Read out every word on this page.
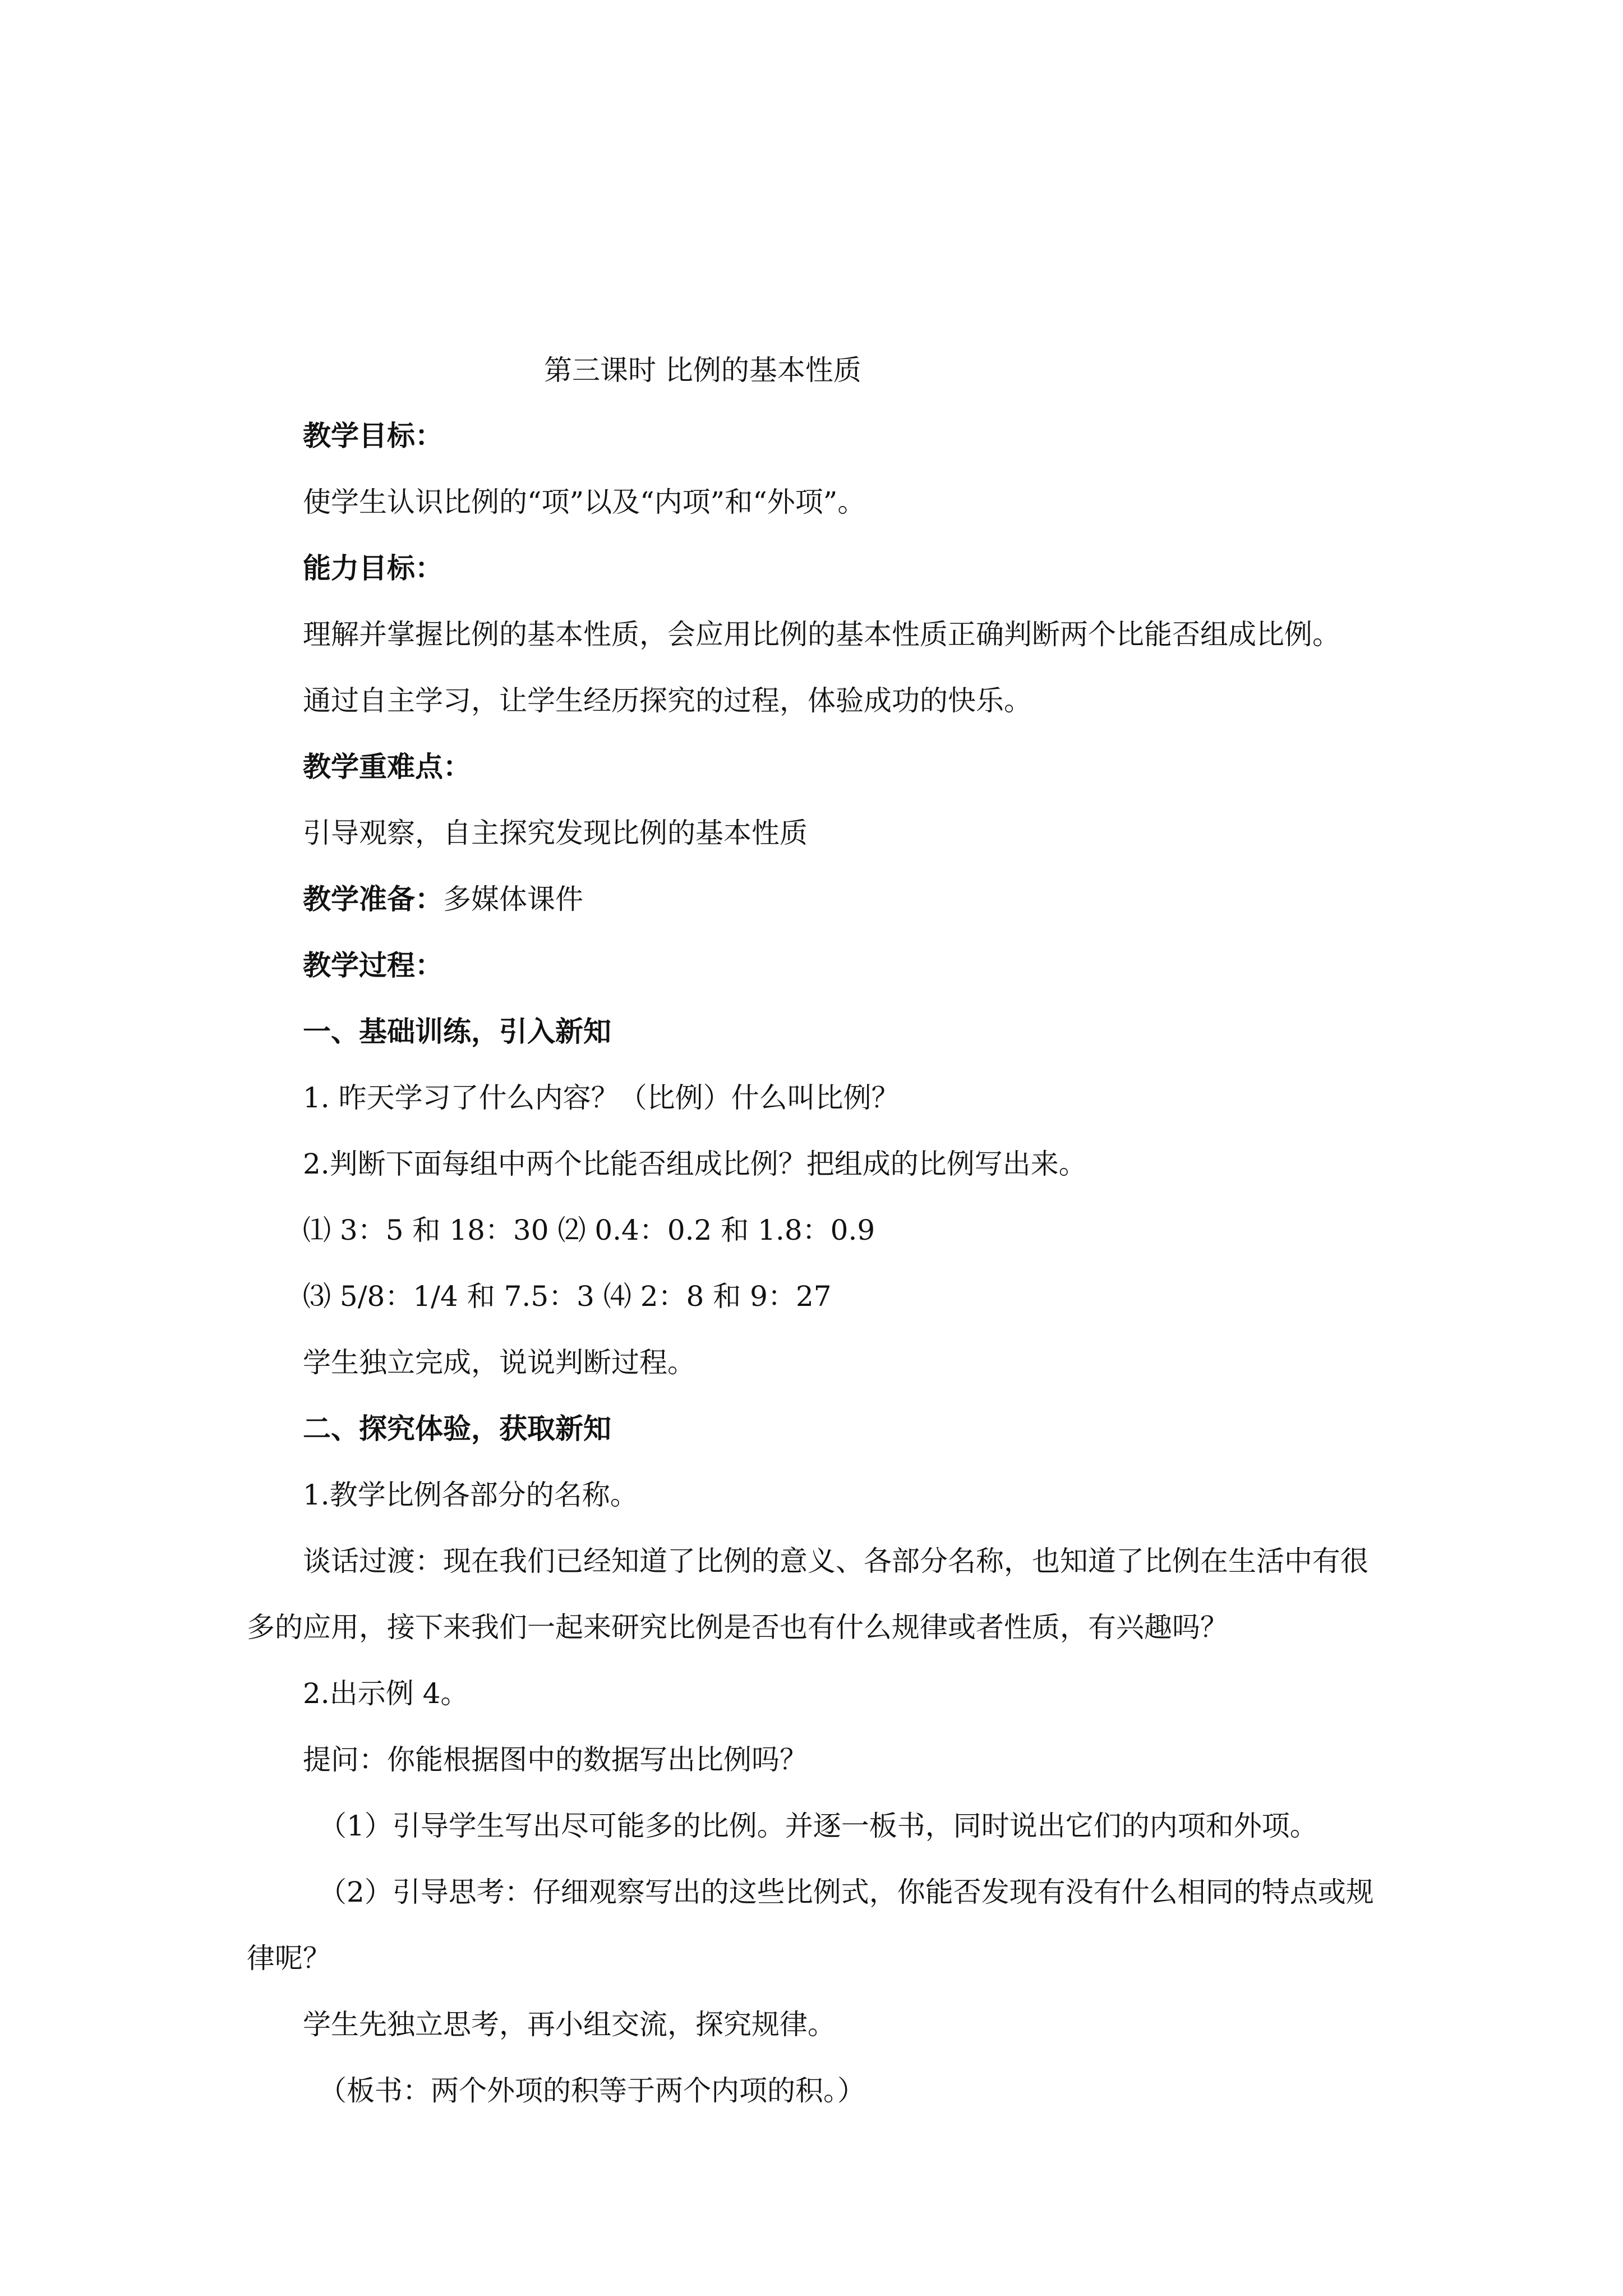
第三课时 比例的基本性质
教学目标：
使学生认识比例的“项”以及“内项”和“外项”。
能力目标：
理解并掌握比例的基本性质，会应用比例的基本性质正确判断两个比能否组成比例。
通过自主学习，让学生经历探究的过程，体验成功的快乐。
教学重难点：
引导观察，自主探究发现比例的基本性质
教学准备：多媒体课件
教学过程：
一、基础训练，引入新知
1. 昨天学习了什么内容？（比例）什么叫比例？
2.判断下面每组中两个比能否组成比例？把组成的比例写出来。
⑴ 3：5 和 18：30 ⑵ 0.4：0.2 和 1.8：0.9
⑶ 5/8：1/4 和 7.5：3 ⑷ 2：8 和 9：27
学生独立完成，说说判断过程。
二、探究体验，获取新知
1.教学比例各部分的名称。
谈话过渡：现在我们已经知道了比例的意义、各部分名称，也知道了比例在生活中有很多的应用，接下来我们一起来研究比例是否也有什么规律或者性质，有兴趣吗？
2.出示例 4。
提问：你能根据图中的数据写出比例吗？
（1）引导学生写出尽可能多的比例。并逐一板书，同时说出它们的内项和外项。
（2）引导思考：仔细观察写出的这些比例式，你能否发现有没有什么相同的特点或规律呢？
学生先独立思考，再小组交流，探究规律。
（板书：两个外项的积等于两个内项的积。）
